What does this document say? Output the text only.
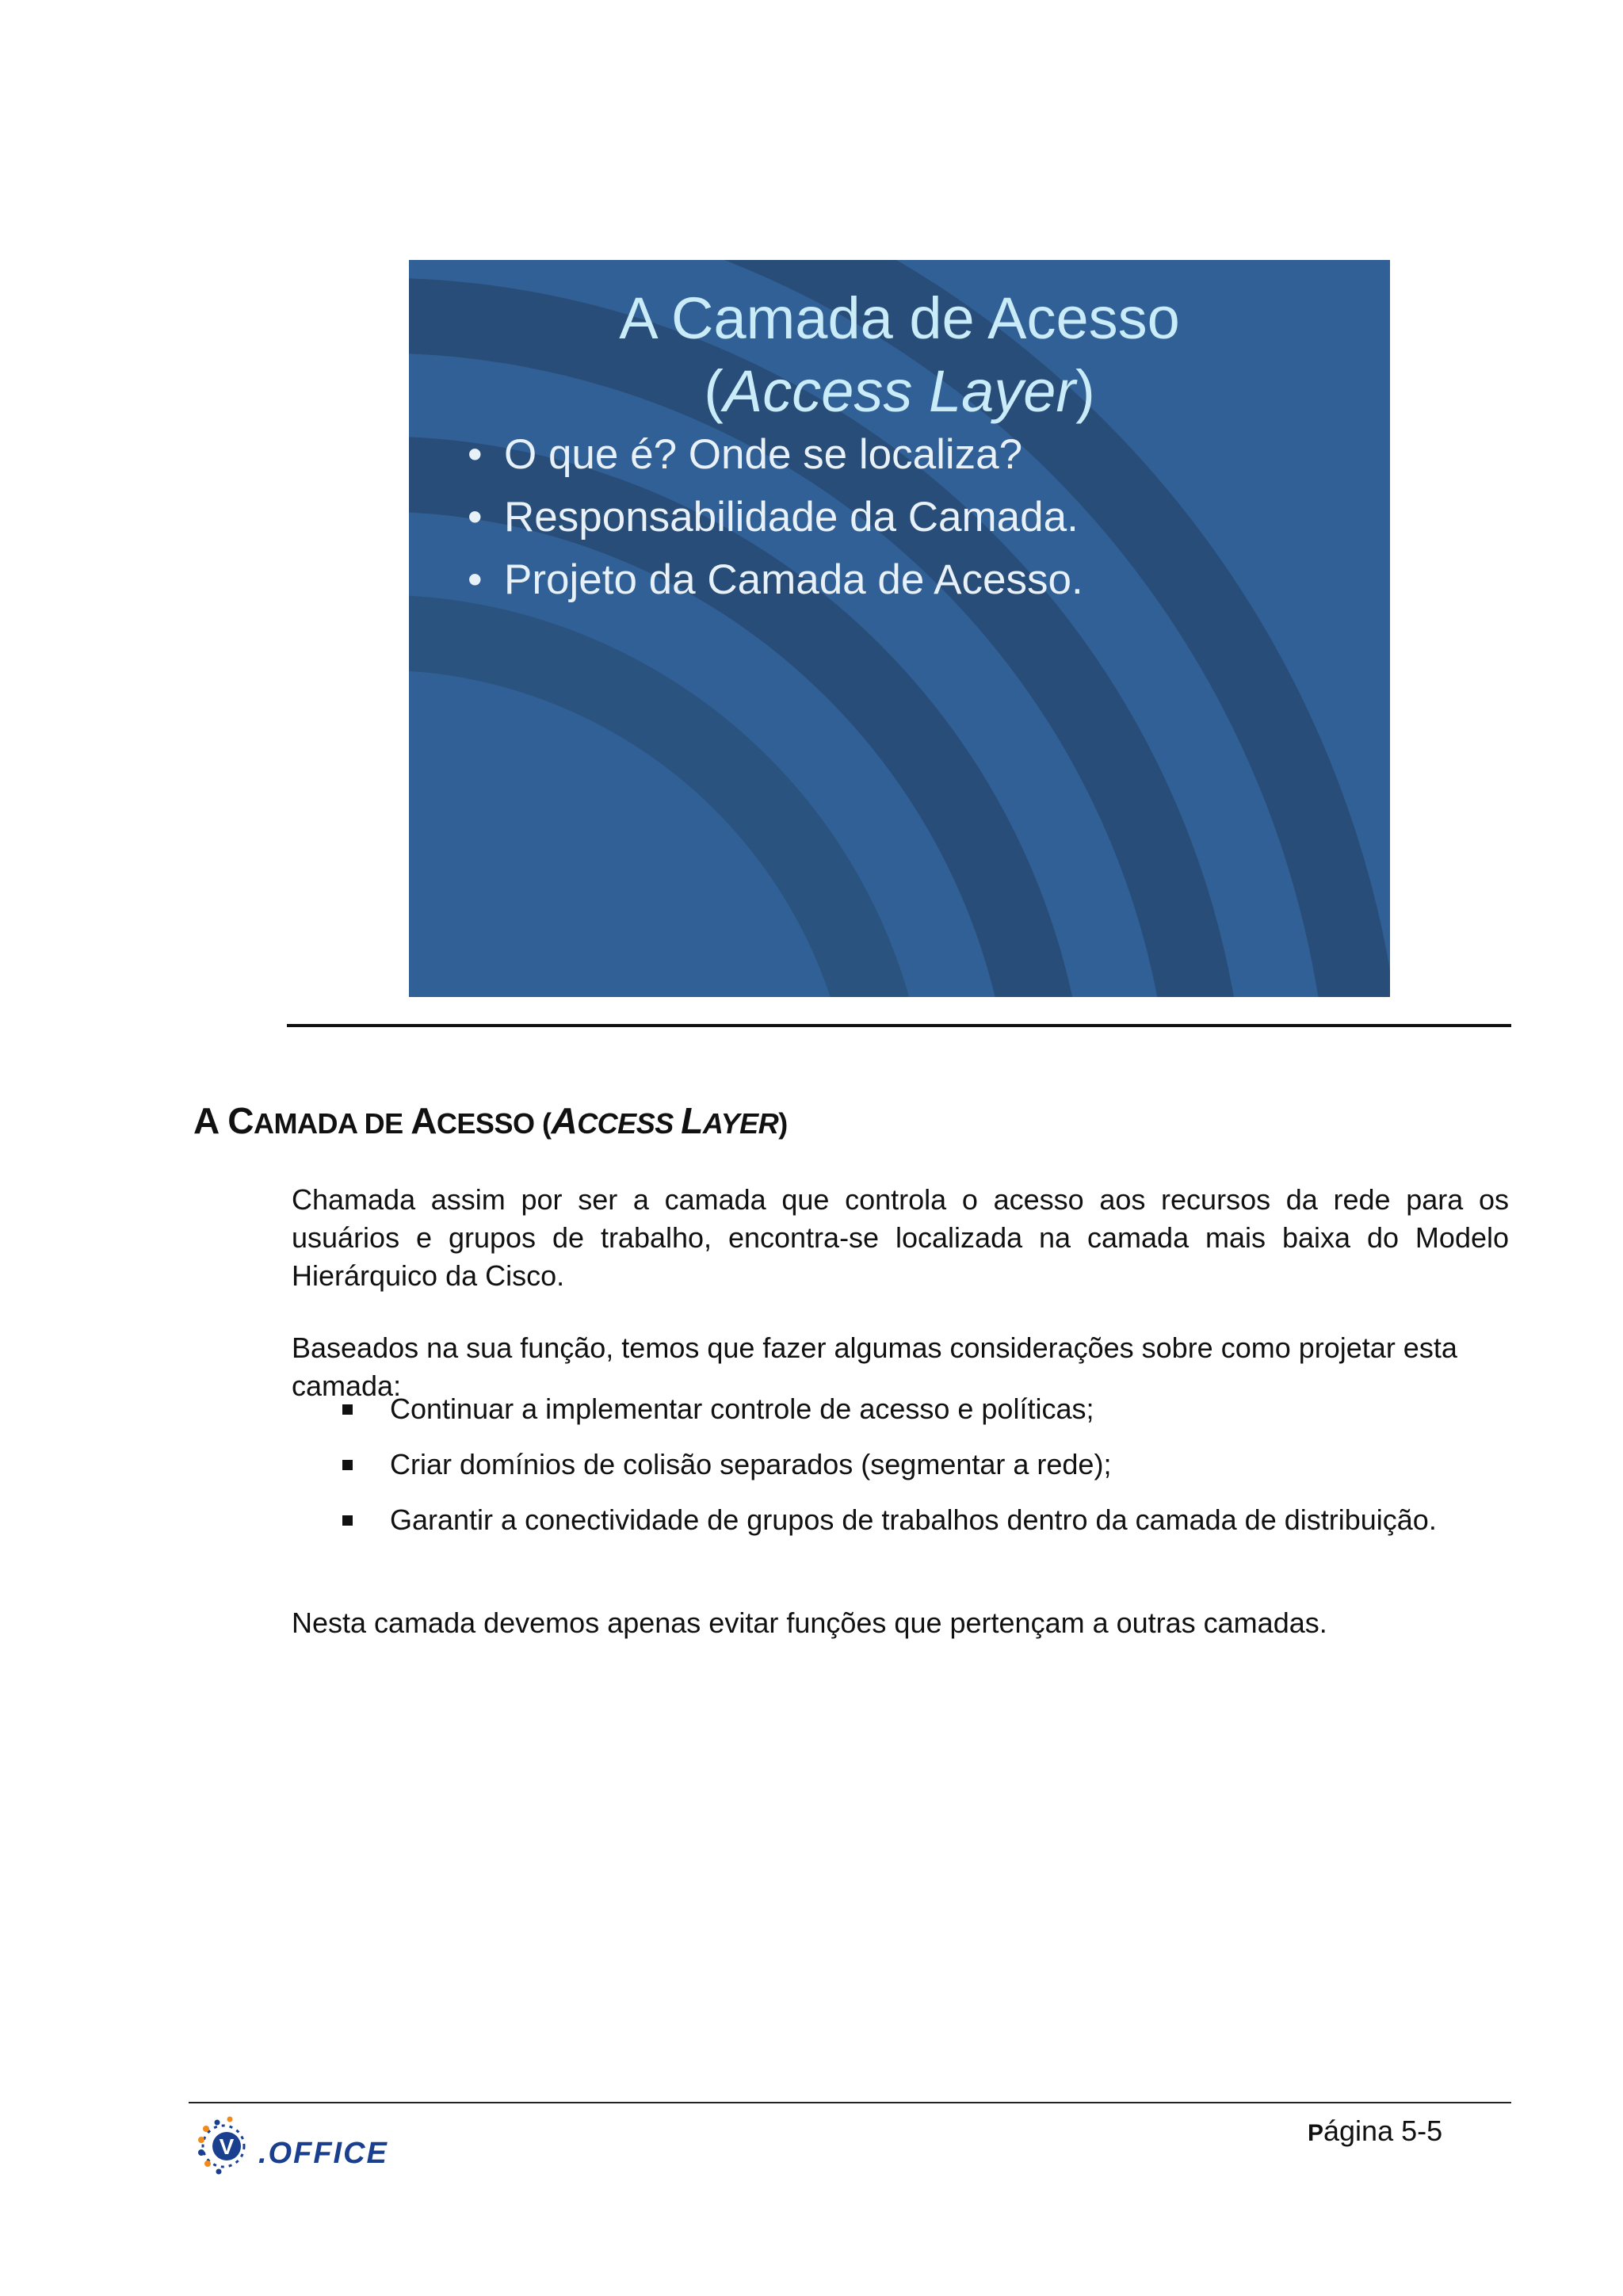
A Camada de Acesso
(Access Layer)
• O que é? Onde se localiza?
• Responsabilidade da Camada.
• Projeto da Camada de Acesso.
A CAMADA DE ACESSO (ACCESS LAYER)
Chamada assim por ser a camada que controla o acesso aos recursos da rede para os usuários e grupos de trabalho, encontra-se localizada na camada mais baixa do Modelo Hierárquico da Cisco.
Baseados na sua função, temos que fazer algumas considerações sobre como projetar esta camada:
Continuar a implementar controle de acesso e políticas;
Criar domínios de colisão separados (segmentar a rede);
Garantir a conectividade de grupos de trabalhos dentro da camada de distribuição.
Nesta camada devemos apenas evitar funções que pertençam a outras camadas.
V .OFFICE
Página 5-5
